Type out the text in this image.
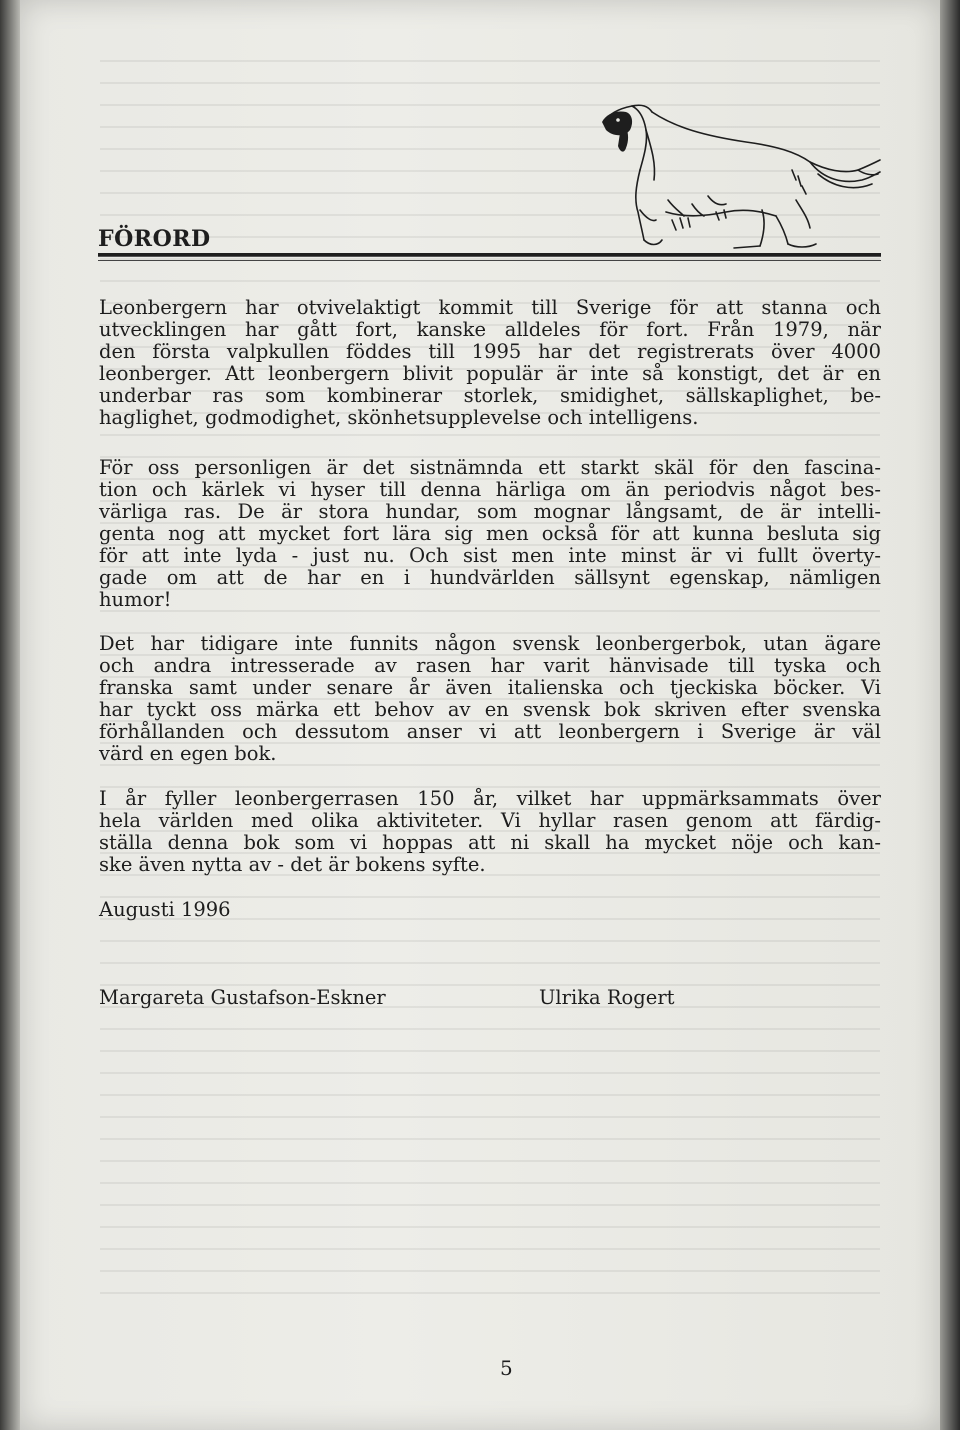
FÖRORD
Leonbergern har otvivelaktigt kommit till Sverige för att stanna och
utvecklingen har gått fort, kanske alldeles för fort. Från 1979, när
den första valpkullen föddes till 1995 har det registrerats över 4000
leonberger. Att leonbergern blivit populär är inte så konstigt, det är en
underbar ras som kombinerar storlek, smidighet, sällskaplighet, be-
haglighet, godmodighet, skönhetsupplevelse och intelligens.
För oss personligen är det sistnämnda ett starkt skäl för den fascina-
tion och kärlek vi hyser till denna härliga om än periodvis något bes-
värliga ras. De är stora hundar, som mognar långsamt, de är intelli-
genta nog att mycket fort lära sig men också för att kunna besluta sig
för att inte lyda - just nu. Och sist men inte minst är vi fullt överty-
gade om att de har en i hundvärlden sällsynt egenskap, nämligen
humor!
Det har tidigare inte funnits någon svensk leonbergerbok, utan ägare
och andra intresserade av rasen har varit hänvisade till tyska och
franska samt under senare år även italienska och tjeckiska böcker. Vi
har tyckt oss märka ett behov av en svensk bok skriven efter svenska
förhållanden och dessutom anser vi att leonbergern i Sverige är väl
värd en egen bok.
I år fyller leonbergerrasen 150 år, vilket har uppmärksammats över
hela världen med olika aktiviteter. Vi hyllar rasen genom att färdig-
ställa denna bok som vi hoppas att ni skall ha mycket nöje och kan-
ske även nytta av - det är bokens syfte.
Augusti 1996
Margareta Gustafson-Eskner	Ulrika Rogert
5
